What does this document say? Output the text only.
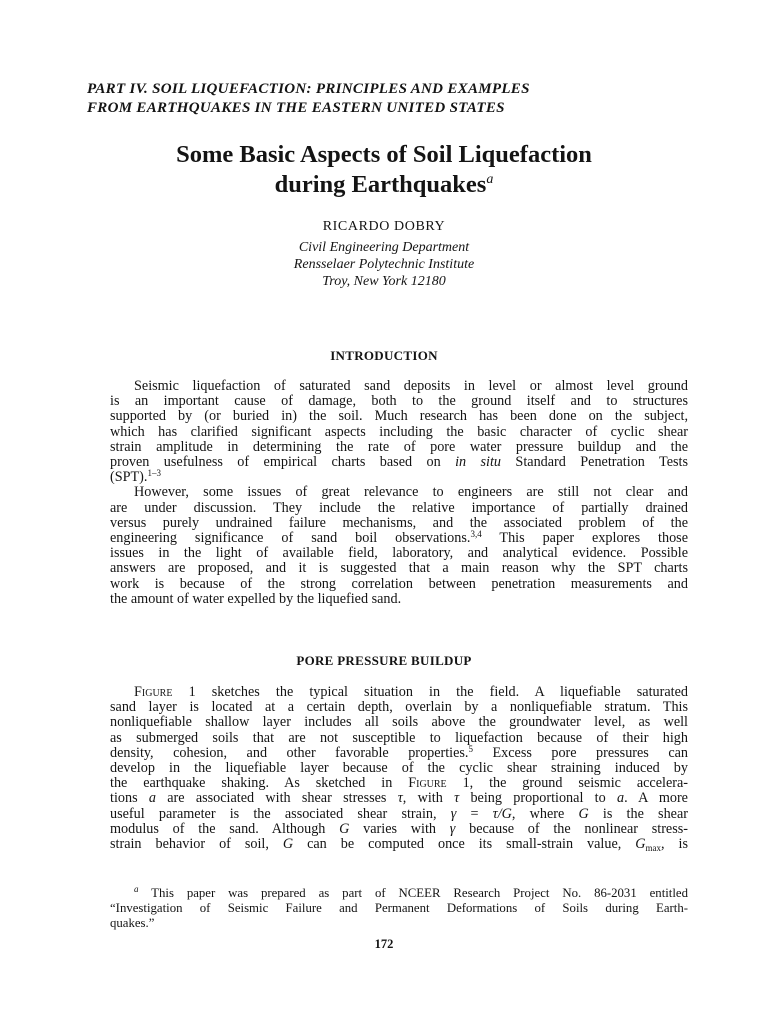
PART IV. SOIL LIQUEFACTION: PRINCIPLES AND EXAMPLES
FROM EARTHQUAKES IN THE EASTERN UNITED STATES
Some Basic Aspects of Soil Liquefaction
during Earthquakes$^a$
RICARDO DOBRY
Civil Engineering Department
Rensselaer Polytechnic Institute
Troy, New York 12180
INTRODUCTION
Seismic liquefaction of saturated sand deposits in level or almost level ground
is an important cause of damage, both to the ground itself and to structures
supported by (or buried in) the soil. Much research has been done on the subject,
which has clarified significant aspects including the basic character of cyclic shear
strain amplitude in determining the rate of pore water pressure buildup and the
proven usefulness of empirical charts based on in situ Standard Penetration Tests
(SPT).$^{1-3}$
However, some issues of great relevance to engineers are still not clear and
are under discussion. They include the relative importance of partially drained
versus purely undrained failure mechanisms, and the associated problem of the
engineering significance of sand boil observations.$^{3,4}$ This paper explores those
issues in the light of available field, laboratory, and analytical evidence. Possible
answers are proposed, and it is suggested that a main reason why the SPT charts
work is because of the strong correlation between penetration measurements and
the amount of water expelled by the liquefied sand.
PORE PRESSURE BUILDUP
Figure 1 sketches the typical situation in the field. A liquefiable saturated
sand layer is located at a certain depth, overlain by a nonliquefiable stratum. This
nonliquefiable shallow layer includes all soils above the groundwater level, as well
as submerged soils that are not susceptible to liquefaction because of their high
density, cohesion, and other favorable properties.$^5$ Excess pore pressures can
develop in the liquefiable layer because of the cyclic shear straining induced by
the earthquake shaking. As sketched in Figure 1, the ground seismic accelera-
tions a are associated with shear stresses τ, with τ being proportional to a. A more
useful parameter is the associated shear strain, γ = τ/G, where G is the shear
modulus of the sand. Although G varies with γ because of the nonlinear stress-
strain behavior of soil, G can be computed once its small-strain value, $G_{max}$, is
$^a$ This paper was prepared as part of NCEER Research Project No. 86-2031 entitled
“Investigation of Seismic Failure and Permanent Deformations of Soils during Earth-
quakes.”
172
